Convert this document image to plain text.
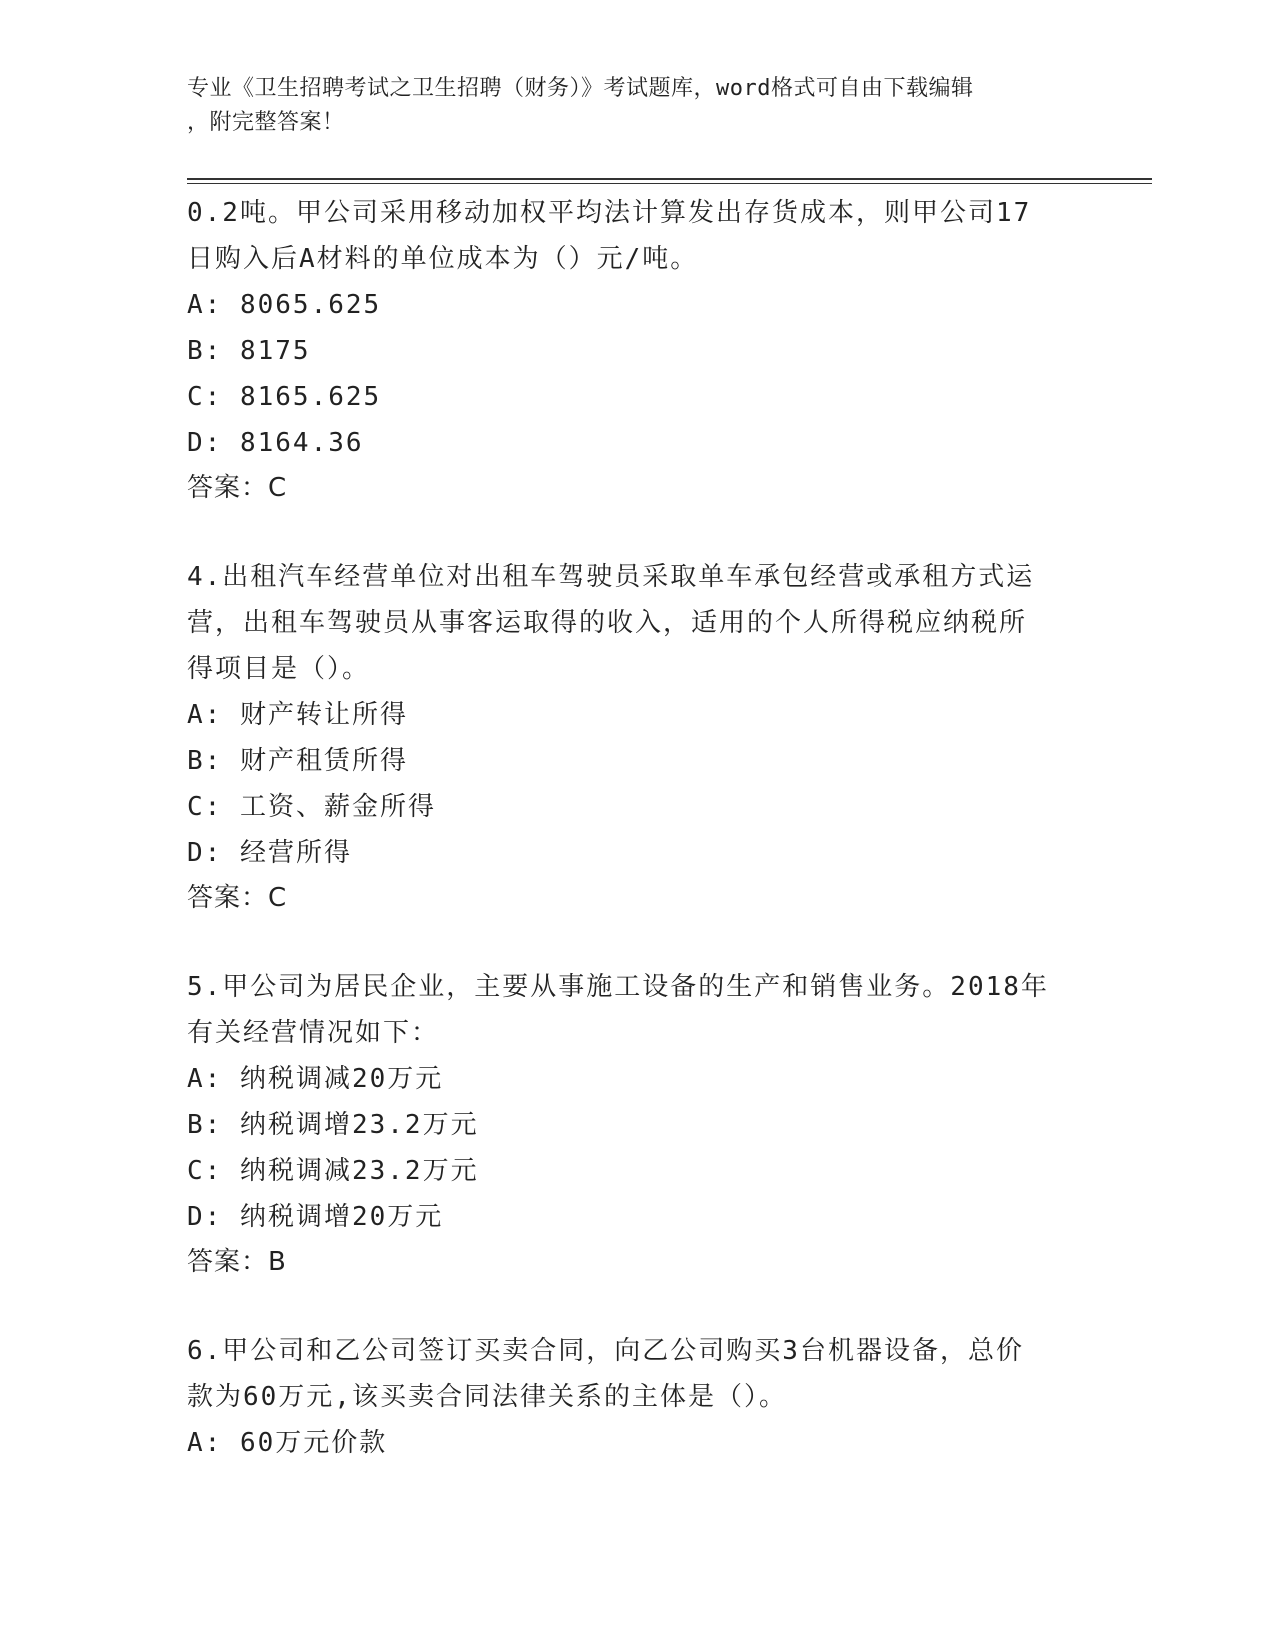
专业《卫生招聘考试之卫生招聘（财务）》考试题库，word格式可自由下载编辑
，附完整答案！
0.2吨。甲公司采用移动加权平均法计算发出存货成本，则甲公司17
日购入后A材料的单位成本为（）元/吨。
A: 8065.625
B: 8175
C: 8165.625
D: 8164.36
答案：C
4.出租汽车经营单位对出租车驾驶员采取单车承包经营或承租方式运
营，出租车驾驶员从事客运取得的收入，适用的个人所得税应纳税所
得项目是（）。
A: 财产转让所得
B: 财产租赁所得
C: 工资、薪金所得
D: 经营所得
答案：C
5.甲公司为居民企业，主要从事施工设备的生产和销售业务。2018年
有关经营情况如下：
A: 纳税调减20万元
B: 纳税调增23.2万元
C: 纳税调减23.2万元
D: 纳税调增20万元
答案：B
6.甲公司和乙公司签订买卖合同，向乙公司购买3台机器设备，总价
款为60万元,该买卖合同法律关系的主体是（）。
A: 60万元价款
